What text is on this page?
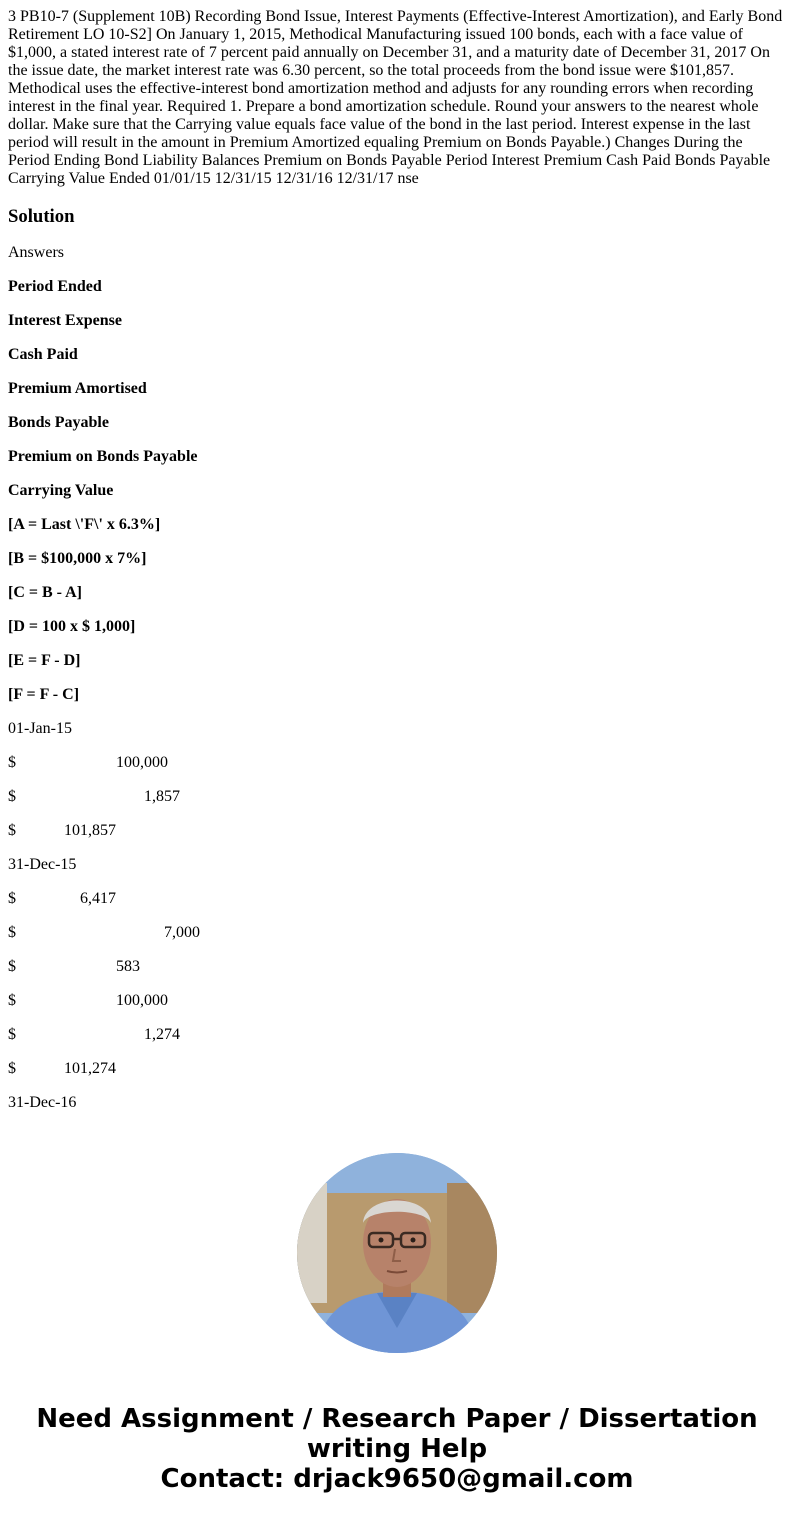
3 PB10-7 (Supplement 10B) Recording Bond Issue, Interest Payments (Effective-Interest Amortization), and Early Bond Retirement LO 10-S2] On January 1, 2015, Methodical Manufacturing issued 100 bonds, each with a face value of $1,000, a stated interest rate of 7 percent paid annually on December 31, and a maturity date of December 31, 2017 On the issue date, the market interest rate was 6.30 percent, so the total proceeds from the bond issue were $101,857. Methodical uses the effective-interest bond amortization method and adjusts for any rounding errors when recording interest in the final year. Required 1. Prepare a bond amortization schedule. Round your answers to the nearest whole dollar. Make sure that the Carrying value equals face value of the bond in the last period. Interest expense in the last period will result in the amount in Premium Amortized equaling Premium on Bonds Payable.) Changes During the Period Ending Bond Liability Balances Premium on Bonds Payable Period Interest Premium Cash Paid Bonds Payable Carrying Value Ended 01/01/15 12/31/15 12/31/16 12/31/17 nse

Solution
Answers
Period Ended
Interest Expense
Cash Paid
Premium Amortised
Bonds Payable
Premium on Bonds Payable
Carrying Value
[A = Last \'F\' x 6.3%]
[B = $100,000 x 7%]
[C = B - A]
[D = 100 x $ 1,000]
[E = F - D]
[F = F - C]
01-Jan-15
$                         100,000
$                                1,857
$            101,857
31-Dec-15
$                6,417
$                                     7,000
$                         583
$                         100,000
$                                1,274
$            101,274
31-Dec-16
Need Assignment / Research Paper / Dissertation
writing Help
Contact: drjack9650@gmail.com
